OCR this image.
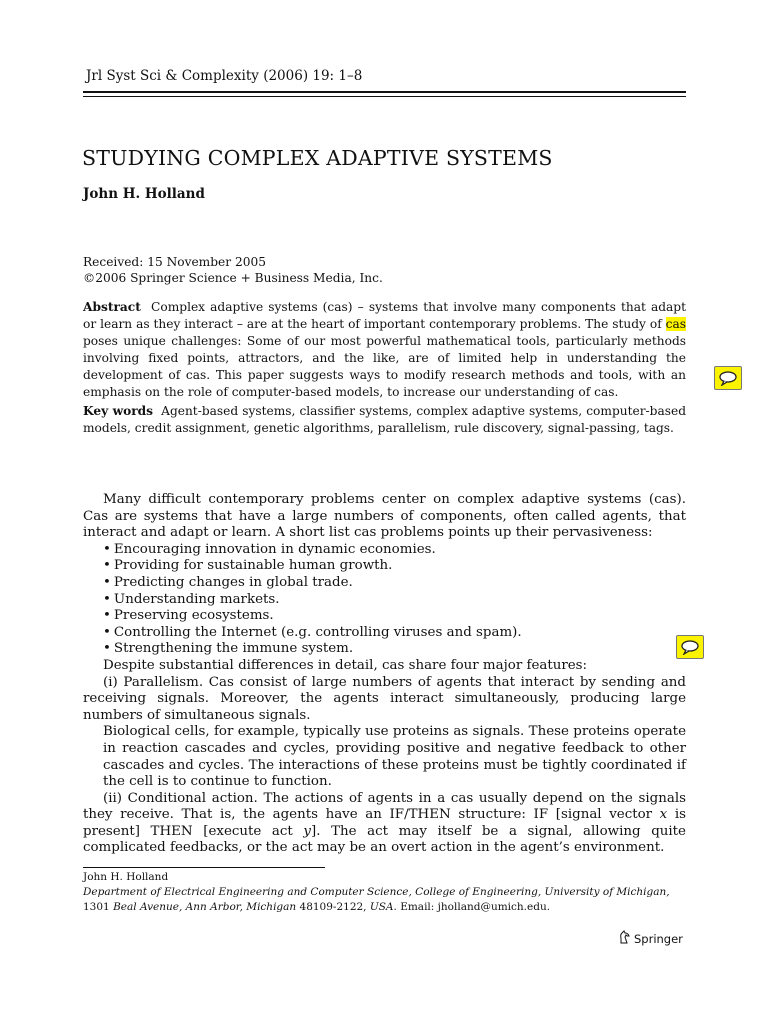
Jrl Syst Sci & Complexity (2006) 19: 1–8
STUDYING COMPLEX ADAPTIVE SYSTEMS
John H. Holland
Received: 15 November 2005
©2006 Springer Science + Business Media, Inc.
Abstract Complex adaptive systems (cas) – systems that involve many components that adapt or learn as they interact – are at the heart of important contemporary problems. The study of cas poses unique challenges: Some of our most powerful mathematical tools, particularly methods involving fixed points, attractors, and the like, are of limited help in understanding the development of cas. This paper suggests ways to modify research methods and tools, with an emphasis on the role of computer-based models, to increase our understanding of cas.
Key words Agent-based systems, classifier systems, complex adaptive systems, computer-based models, credit assignment, genetic algorithms, parallelism, rule discovery, signal-passing, tags.

Many difficult contemporary problems center on complex adaptive systems (cas). Cas are systems that have a large numbers of components, often called agents, that interact and adapt or learn. A short list cas problems points up their pervasiveness:

• Encouraging innovation in dynamic economies.
• Providing for sustainable human growth.
• Predicting changes in global trade.
• Understanding markets.
• Preserving ecosystems.
• Controlling the Internet (e.g. controlling viruses and spam).
• Strengthening the immune system.

Despite substantial differences in detail, cas share four major features:

(i) Parallelism. Cas consist of large numbers of agents that interact by sending and receiving signals. Moreover, the agents interact simultaneously, producing large numbers of simultaneous signals.

Biological cells, for example, typically use proteins as signals. These proteins operate in reaction cascades and cycles, providing positive and negative feedback to other cascades and cycles. The interactions of these proteins must be tightly coordinated if the cell is to continue to function.

(ii) Conditional action. The actions of agents in a cas usually depend on the signals they receive. That is, the agents have an IF/THEN structure: IF [signal vector x is present] THEN [execute act y]. The act may itself be a signal, allowing quite complicated feedbacks, or the act may be an overt action in the agent’s environment.

John H. Holland
Department of Electrical Engineering and Computer Science, College of Engineering, University of Michigan,
1301 Beal Avenue, Ann Arbor, Michigan 48109-2122, USA. Email: jholland@umich.edu.
Springer
